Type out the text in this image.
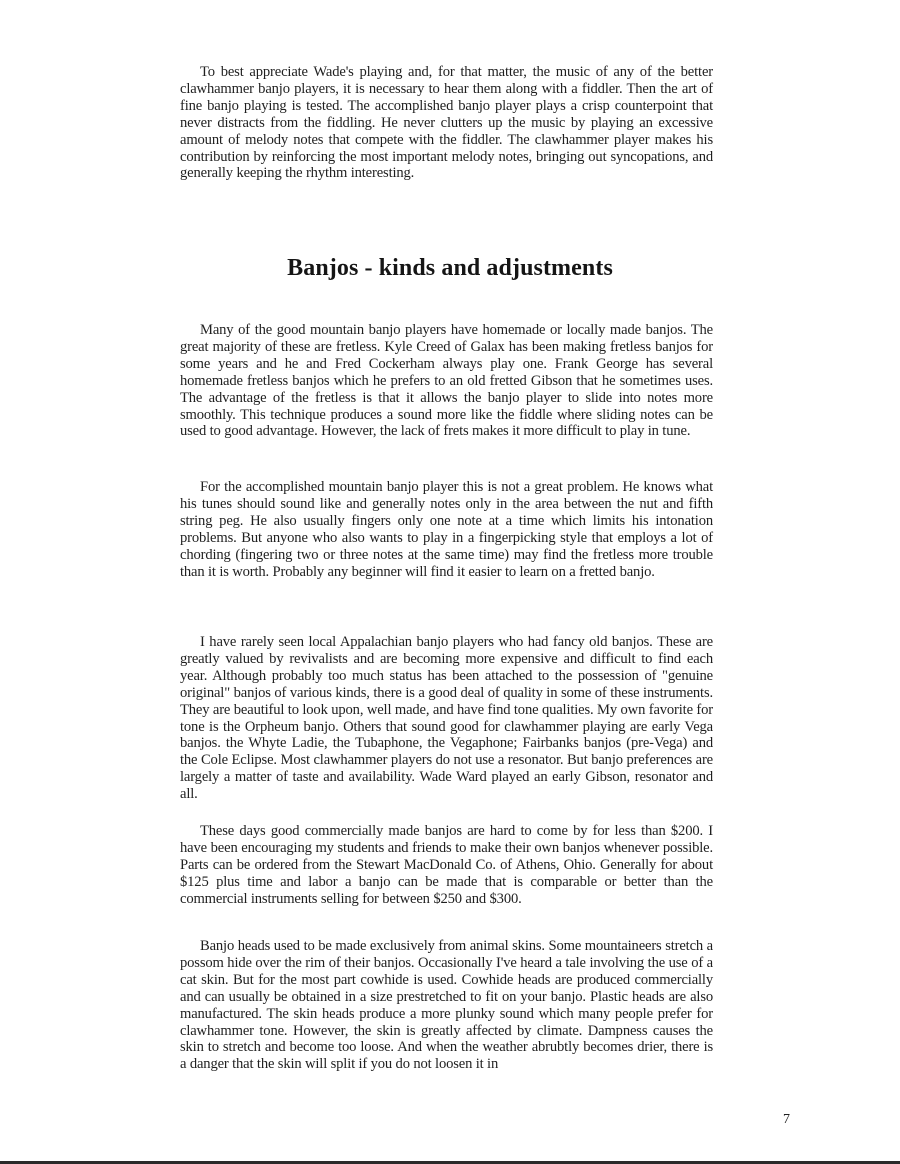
To best appreciate Wade's playing and, for that matter, the music of any of the better clawhammer banjo players, it is necessary to hear them along with a fiddler. Then the art of fine banjo playing is tested. The accomplished banjo player plays a crisp counterpoint that never distracts from the fiddling. He never clutters up the music by playing an excessive amount of melody notes that compete with the fiddler. The clawhammer player makes his contribution by reinforcing the most important melody notes, bringing out syncopations, and generally keeping the rhythm interesting.

Banjos - kinds and adjustments

Many of the good mountain banjo players have homemade or locally made banjos. The great majority of these are fretless. Kyle Creed of Galax has been making fretless banjos for some years and he and Fred Cockerham always play one. Frank George has several homemade fretless banjos which he prefers to an old fretted Gibson that he sometimes uses. The advantage of the fretless is that it allows the banjo player to slide into notes more smoothly. This technique produces a sound more like the fiddle where sliding notes can be used to good advantage. However, the lack of frets makes it more difficult to play in tune.

For the accomplished mountain banjo player this is not a great problem. He knows what his tunes should sound like and generally notes only in the area between the nut and fifth string peg. He also usually fingers only one note at a time which limits his intonation problems. But anyone who also wants to play in a fingerpicking style that employs a lot of chording (fingering two or three notes at the same time) may find the fretless more trouble than it is worth. Probably any beginner will find it easier to learn on a fretted banjo.

I have rarely seen local Appalachian banjo players who had fancy old banjos. These are greatly valued by revivalists and are becoming more expensive and difficult to find each year. Although probably too much status has been attached to the possession of "genuine original" banjos of various kinds, there is a good deal of quality in some of these instruments. They are beautiful to look upon, well made, and have find tone qualities. My own favorite for tone is the Orpheum banjo. Others that sound good for clawhammer playing are early Vega banjos. the Whyte Ladie, the Tubaphone, the Vegaphone; Fairbanks banjos (pre-Vega) and the Cole Eclipse. Most clawhammer players do not use a resonator. But banjo preferences are largely a matter of taste and availability. Wade Ward played an early Gibson, resonator and all.

These days good commercially made banjos are hard to come by for less than $200. I have been encouraging my students and friends to make their own banjos whenever possible. Parts can be ordered from the Stewart MacDonald Co. of Athens, Ohio. Generally for about $125 plus time and labor a banjo can be made that is comparable or better than the commercial instruments selling for between $250 and $300.

Banjo heads used to be made exclusively from animal skins. Some mountaineers stretch a possom hide over the rim of their banjos. Occasionally I've heard a tale involving the use of a cat skin. But for the most part cowhide is used. Cowhide heads are produced commercially and can usually be obtained in a size prestretched to fit on your banjo. Plastic heads are also manufactured. The skin heads produce a more plunky sound which many people prefer for clawhammer tone. However, the skin is greatly affected by climate. Dampness causes the skin to stretch and become too loose. And when the weather abrubtly becomes drier, there is a danger that the skin will split if you do not loosen it in

7
